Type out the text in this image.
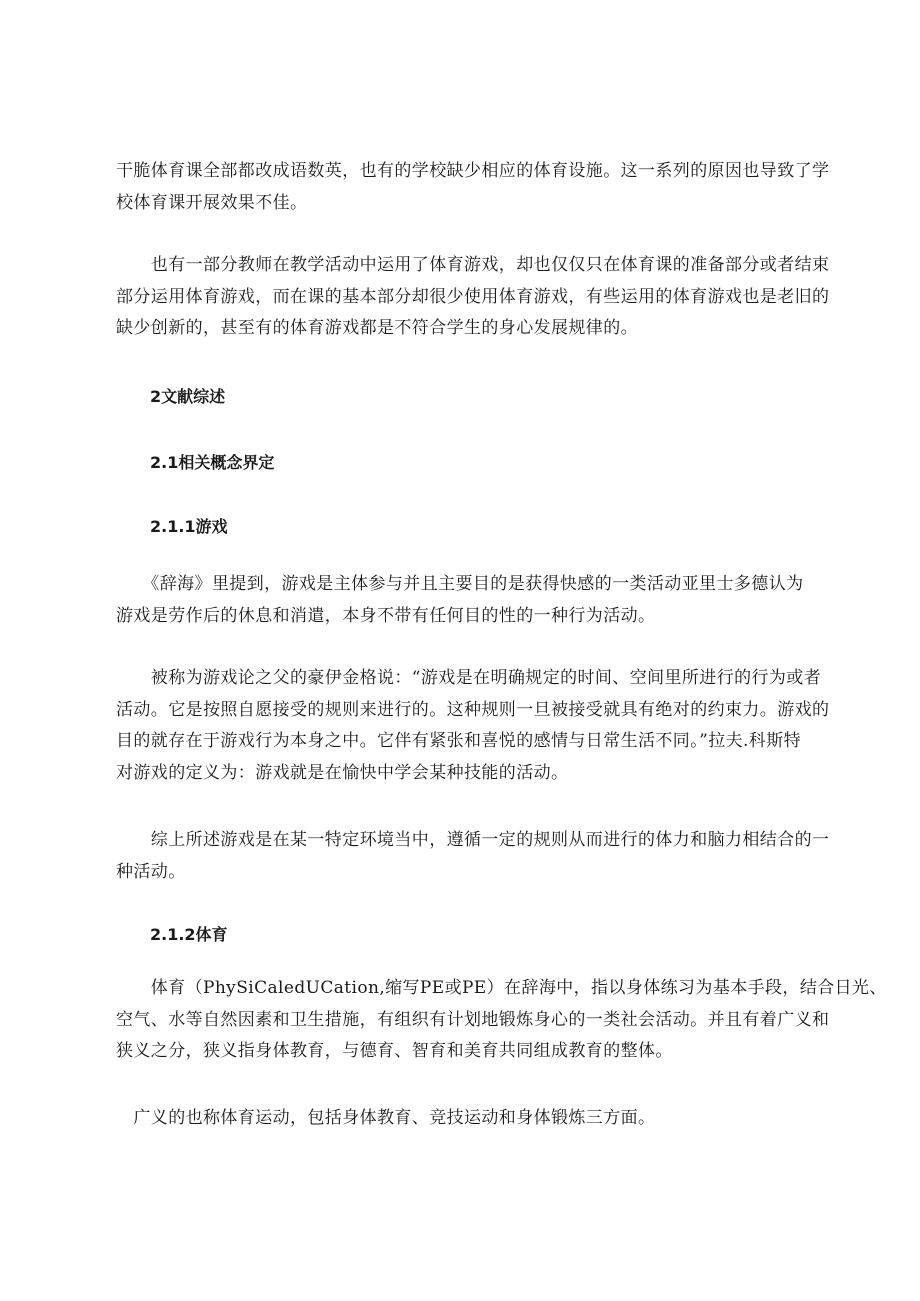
干脆体育课全部都改成语数英，也有的学校缺少相应的体育设施。这一系列的原因也导致了学
校体育课开展效果不佳。

　　也有一部分教师在教学活动中运用了体育游戏，却也仅仅只在体育课的准备部分或者结束
部分运用体育游戏，而在课的基本部分却很少使用体育游戏，有些运用的体育游戏也是老旧的
缺少创新的，甚至有的体育游戏都是不符合学生的身心发展规律的。

2文献综述
2.1相关概念界定
2.1.1游戏

　　《辞海》里提到，游戏是主体参与并且主要目的是获得快感的一类活动亚里士多德认为
游戏是劳作后的休息和消遣，本身不带有任何目的性的一种行为活动。

　　被称为游戏论之父的豪伊金格说：“游戏是在明确规定的时间、空间里所进行的行为或者
活动。它是按照自愿接受的规则来进行的。这种规则一旦被接受就具有绝对的约束力。游戏的
目的就存在于游戏行为本身之中。它伴有紧张和喜悦的感情与日常生活不同。”拉夫.科斯特
对游戏的定义为：游戏就是在愉快中学会某种技能的活动。

　　综上所述游戏是在某一特定环境当中，遵循一定的规则从而进行的体力和脑力相结合的一
种活动。

2.1.2体育

　　体育（PhySiCaledUCation,缩写PE或PE）在辞海中，指以身体练习为基本手段，结合日光、
空气、水等自然因素和卫生措施，有组织有计划地锻炼身心的一类社会活动。并且有着广义和
狭义之分，狭义指身体教育，与德育、智育和美育共同组成教育的整体。

　广义的也称体育运动，包括身体教育、竞技运动和身体锻炼三方面。
